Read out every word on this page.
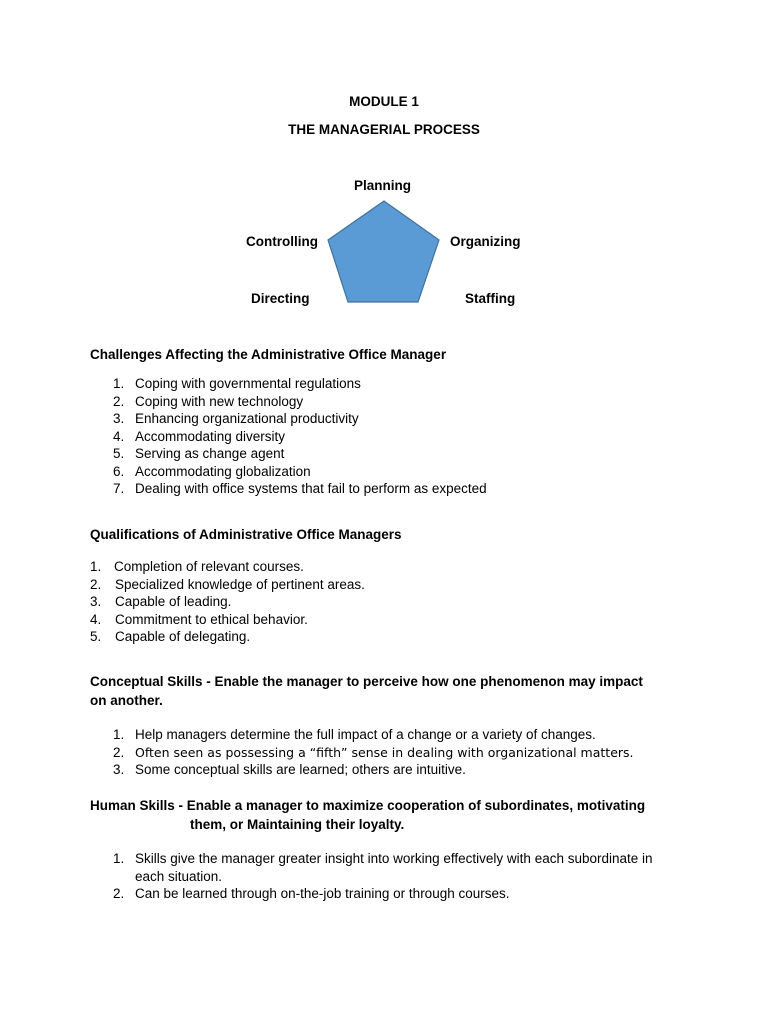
MODULE 1
THE MANAGERIAL PROCESS
Planning
Controlling	Organizing
Directing	Staffing
Challenges Affecting the Administrative Office Manager
1. Coping with governmental regulations
2. Coping with new technology
3. Enhancing organizational productivity
4. Accommodating diversity
5. Serving as change agent
6. Accommodating globalization
7. Dealing with office systems that fail to perform as expected
Qualifications of Administrative Office Managers
1. Completion of relevant courses.
2. Specialized knowledge of pertinent areas.
3. Capable of leading.
4. Commitment to ethical behavior.
5. Capable of delegating.
Conceptual Skills - Enable the manager to perceive how one phenomenon may impact
on another.
1. Help managers determine the full impact of a change or a variety of changes.
2. Often seen as possessing a “fifth” sense in dealing with organizational matters.
3. Some conceptual skills are learned; others are intuitive.
Human Skills - Enable a manager to maximize cooperation of subordinates, motivating
them, or Maintaining their loyalty.
1. Skills give the manager greater insight into working effectively with each subordinate in each situation.
2. Can be learned through on-the-job training or through courses.
